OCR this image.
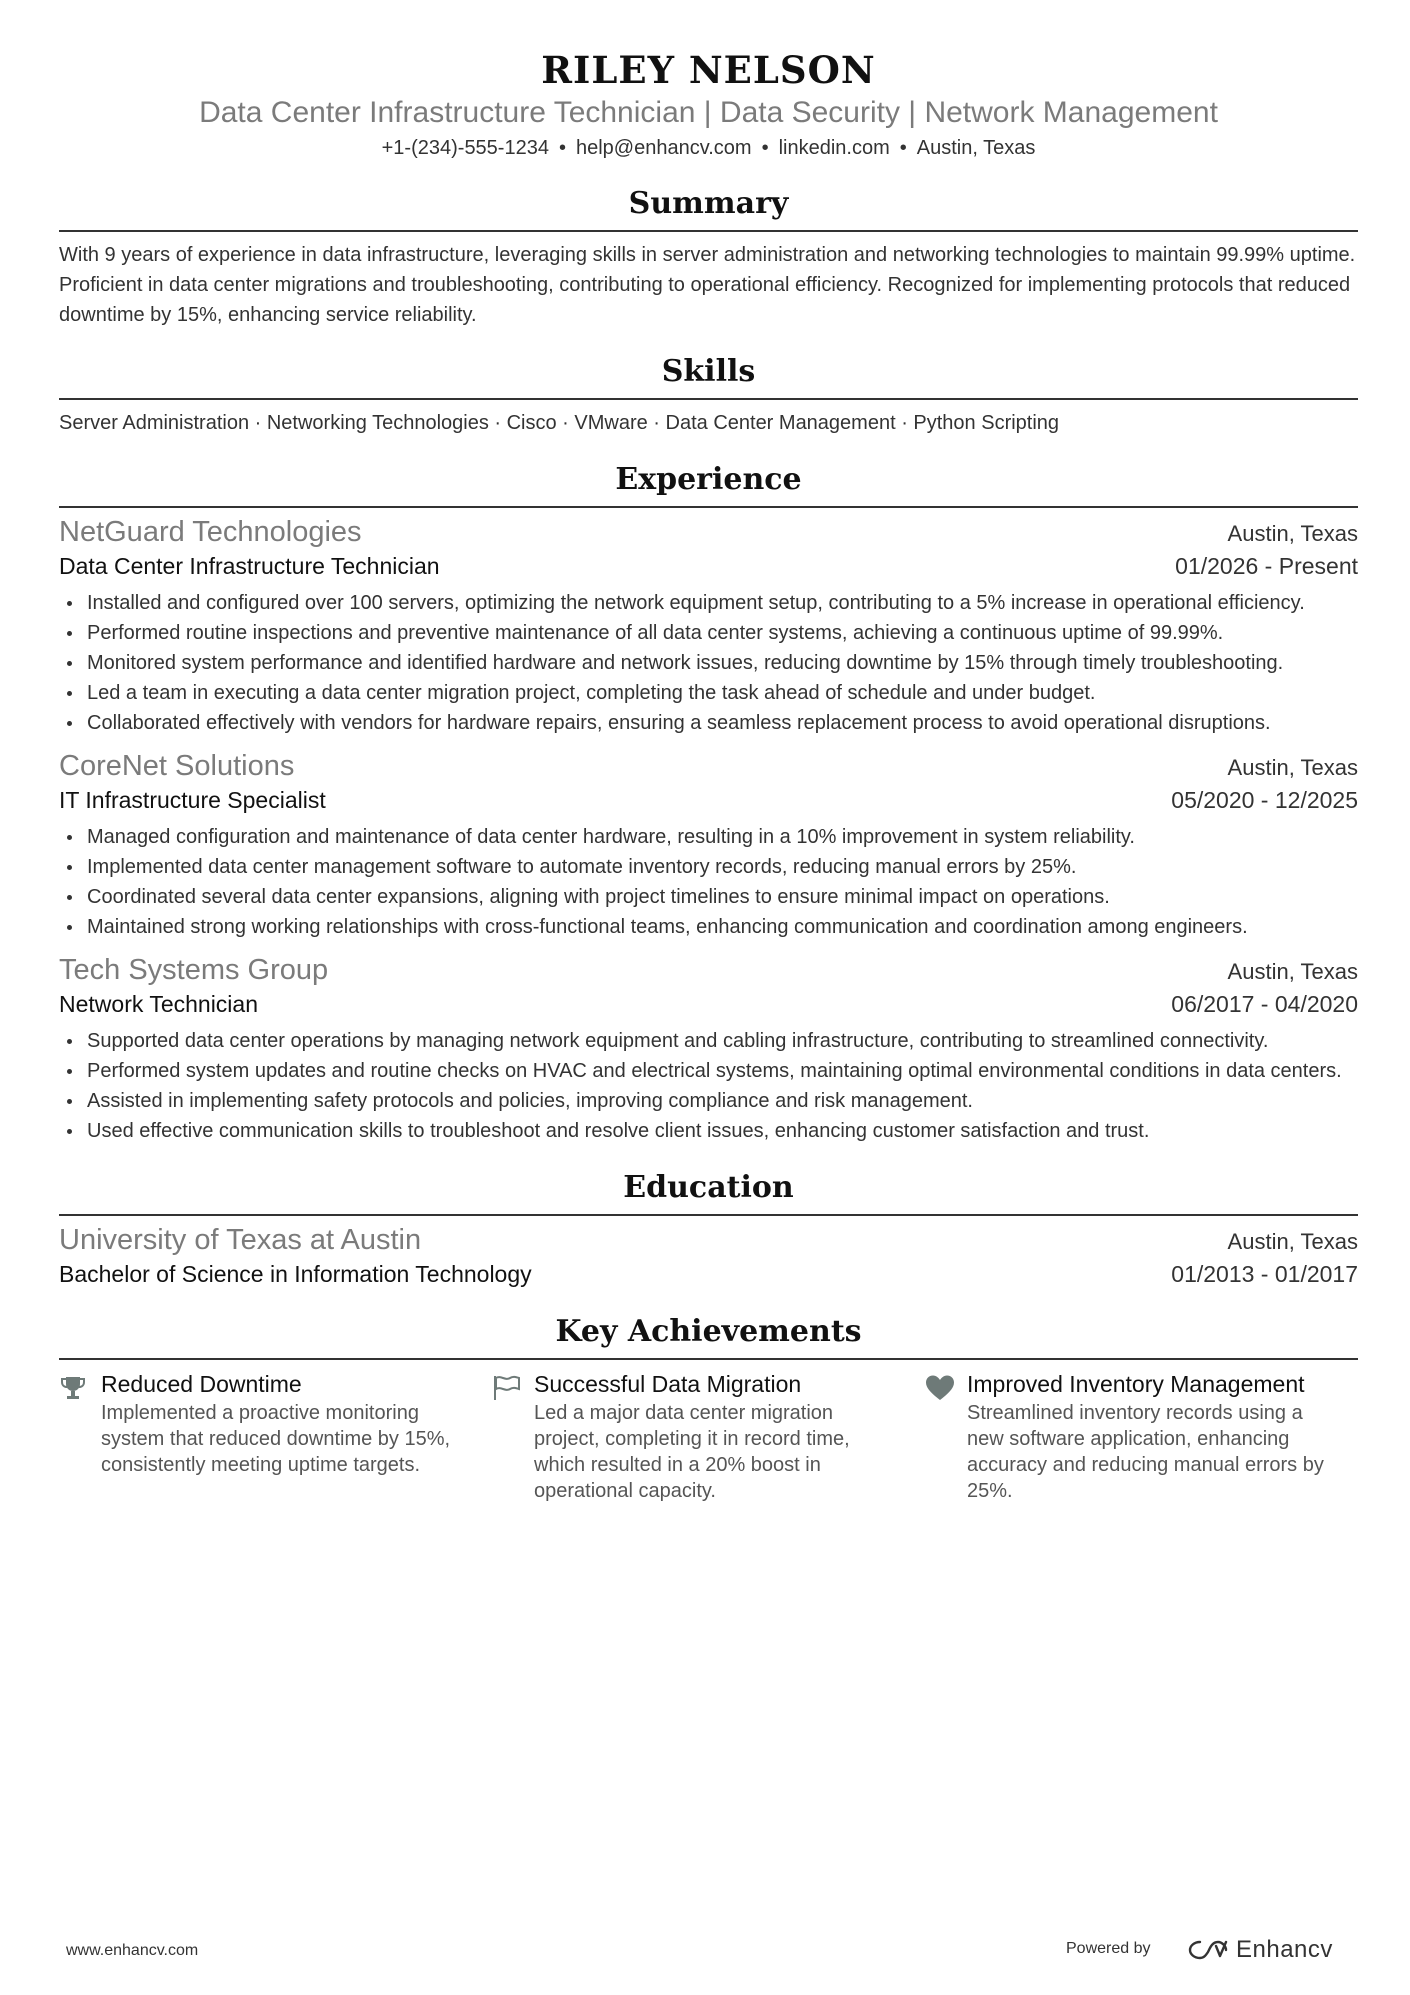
RILEY NELSON
Data Center Infrastructure Technician | Data Security | Network Management
+1-(234)-555-1234 • help@enhancv.com • linkedin.com • Austin, Texas
Summary
With 9 years of experience in data infrastructure, leveraging skills in server administration and networking technologies to maintain 99.99% uptime. Proficient in data center migrations and troubleshooting, contributing to operational efficiency. Recognized for implementing protocols that reduced downtime by 15%, enhancing service reliability.
Skills
Server Administration · Networking Technologies · Cisco · VMware · Data Center Management · Python Scripting
Experience
NetGuard Technologies	Austin, Texas
Data Center Infrastructure Technician	01/2026 - Present
Installed and configured over 100 servers, optimizing the network equipment setup, contributing to a 5% increase in operational efficiency.
Performed routine inspections and preventive maintenance of all data center systems, achieving a continuous uptime of 99.99%.
Monitored system performance and identified hardware and network issues, reducing downtime by 15% through timely troubleshooting.
Led a team in executing a data center migration project, completing the task ahead of schedule and under budget.
Collaborated effectively with vendors for hardware repairs, ensuring a seamless replacement process to avoid operational disruptions.
CoreNet Solutions	Austin, Texas
IT Infrastructure Specialist	05/2020 - 12/2025
Managed configuration and maintenance of data center hardware, resulting in a 10% improvement in system reliability.
Implemented data center management software to automate inventory records, reducing manual errors by 25%.
Coordinated several data center expansions, aligning with project timelines to ensure minimal impact on operations.
Maintained strong working relationships with cross-functional teams, enhancing communication and coordination among engineers.
Tech Systems Group	Austin, Texas
Network Technician	06/2017 - 04/2020
Supported data center operations by managing network equipment and cabling infrastructure, contributing to streamlined connectivity.
Performed system updates and routine checks on HVAC and electrical systems, maintaining optimal environmental conditions in data centers.
Assisted in implementing safety protocols and policies, improving compliance and risk management.
Used effective communication skills to troubleshoot and resolve client issues, enhancing customer satisfaction and trust.
Education
University of Texas at Austin	Austin, Texas
Bachelor of Science in Information Technology	01/2013 - 01/2017
Key Achievements
Reduced Downtime
Implemented a proactive monitoring system that reduced downtime by 15%, consistently meeting uptime targets.
Successful Data Migration
Led a major data center migration project, completing it in record time, which resulted in a 20% boost in operational capacity.
Improved Inventory Management
Streamlined inventory records using a new software application, enhancing accuracy and reducing manual errors by 25%.
www.enhancv.com	Powered by	Enhancv
